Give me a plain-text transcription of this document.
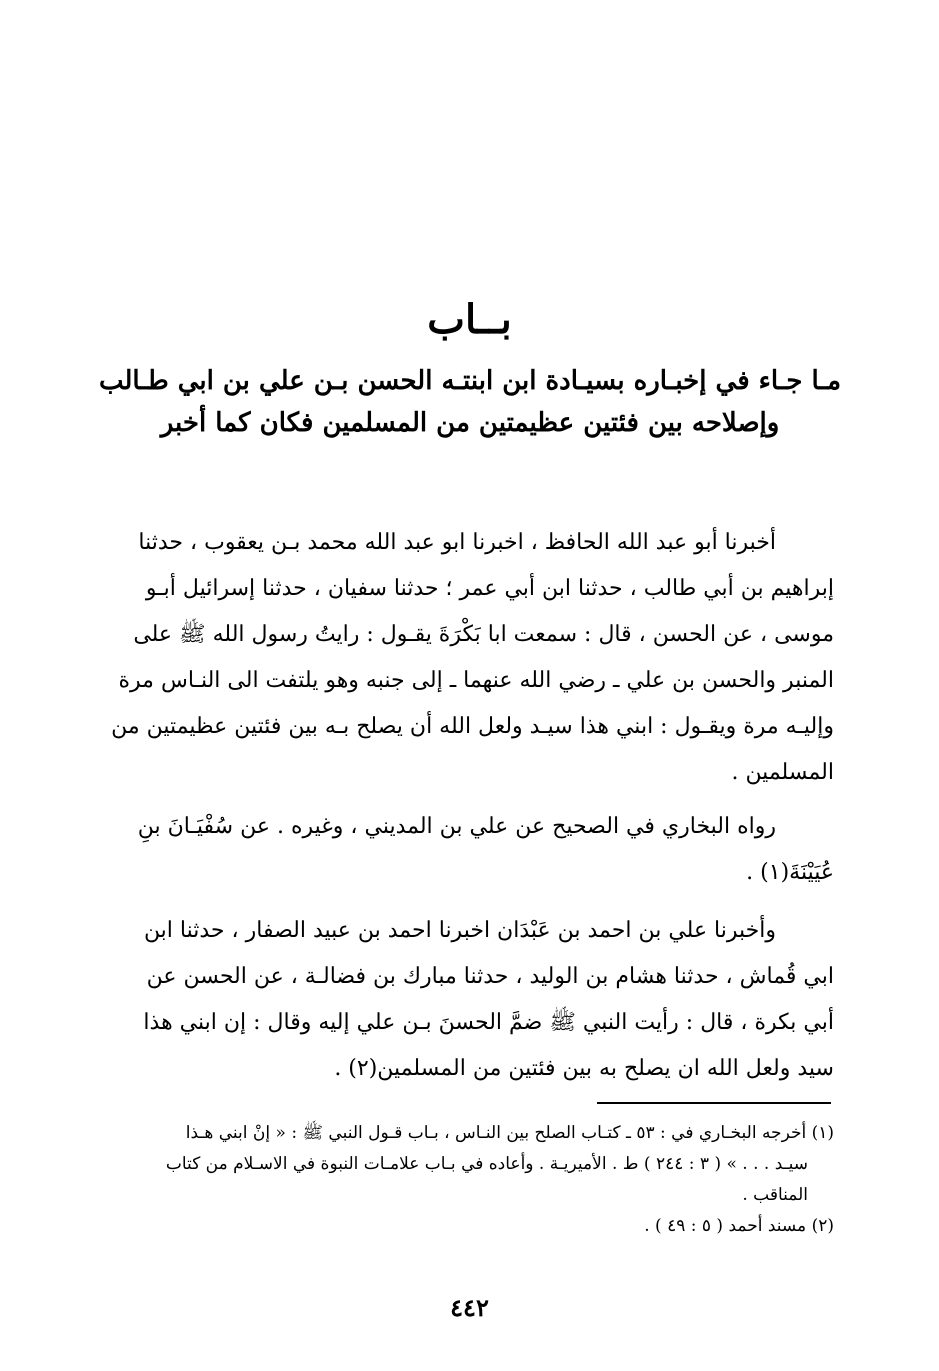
بــاب
مـا جـاء في إخبـاره بسيـادة ابن ابنتـه الحسن بـن علي بن ابي طـالب
وإصلاحه بين فئتين عظيمتين من المسلمين فكان كما أخبر
أخبرنا أبو عبد الله الحافظ ، اخبرنا ابو عبد الله محمد بـن يعقوب ، حدثنا
إبراهيم بن أبي طالب ، حدثنا ابن أبي عمر ؛ حدثنا سفيان ، حدثنا إسرائيل أبـو
موسى ، عن الحسن ، قال : سمعت ابا بَكْرَةَ يقـول : رايتُ رسول الله ﷺ على
المنبر والحسن بن علي ـ رضي الله عنهما ـ إلى جنبه وهو يلتفت الى النـاس مرة
وإليـه مرة ويقـول : ابني هذا سيـد ولعل الله أن يصلح بـه بين فئتين عظيمتين من
المسلمين .
رواه البخاري في الصحيح عن علي بن المديني ، وغيره . عن سُفْيَـانَ بنِ
عُيَيْنَةَ(١) .
وأخبرنا علي بن احمد بن عَبْدَان اخبرنا احمد بن عبيد الصفار ، حدثنا ابن
ابي قُماش ، حدثنا هشام بن الوليد ، حدثنا مبارك بن فضالـة ، عن الحسن عن
أبي بكرة ، قال : رأيت النبي ﷺ ضمَّ الحسنَ بـن علي إليه وقال : إن ابني هذا
سيد ولعل الله ان يصلح به بين فئتين من المسلمين(٢) .
(١) أخرجه البخـاري في : ٥٣ ـ كتـاب الصلح بين النـاس ، بـاب قـول النبي ﷺ : « إنْ ابني هـذا
سيـد . . . » ( ٣ : ٢٤٤ ) ط . الأميريـة . وأعاده في بـاب علامـات النبوة في الاسـلام من كتاب
المناقب .
(٢) مسند أحمد ( ٥ : ٤٩ ) .
٤٤٢
